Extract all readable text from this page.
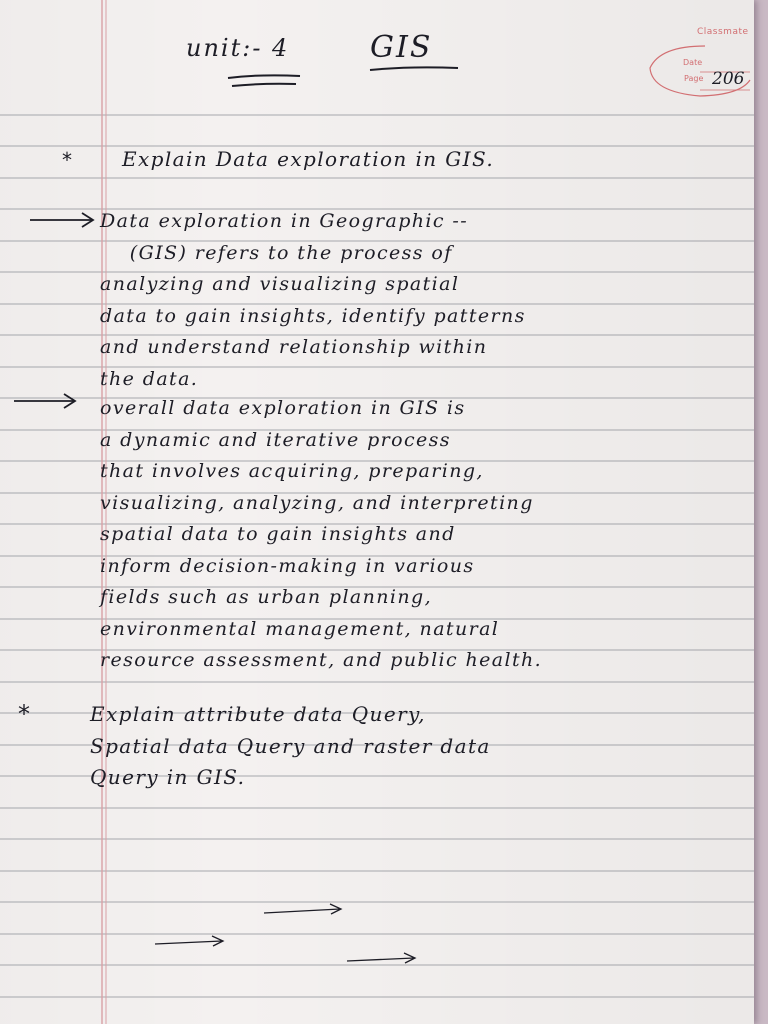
unit:- 4	GIS	Classmate
Date
Page 206
*	Explain Data exploration in GIS.

Data exploration in Geographic --
(GIS) refers to the process of
analyzing and visualizing spatial
data to gain insights, identify patterns
and understand relationship within
the data.

overall data exploration in GIS is
a dynamic and iterative process
that involves acquiring, preparing,
visualizing, analyzing, and interpreting
spatial data to gain insights and
inform decision-making in various
fields such as urban planning,
environmental management, natural
resource assessment, and public health.

*	Explain attribute data Query,
Spatial data Query and raster data
Query in GIS.
